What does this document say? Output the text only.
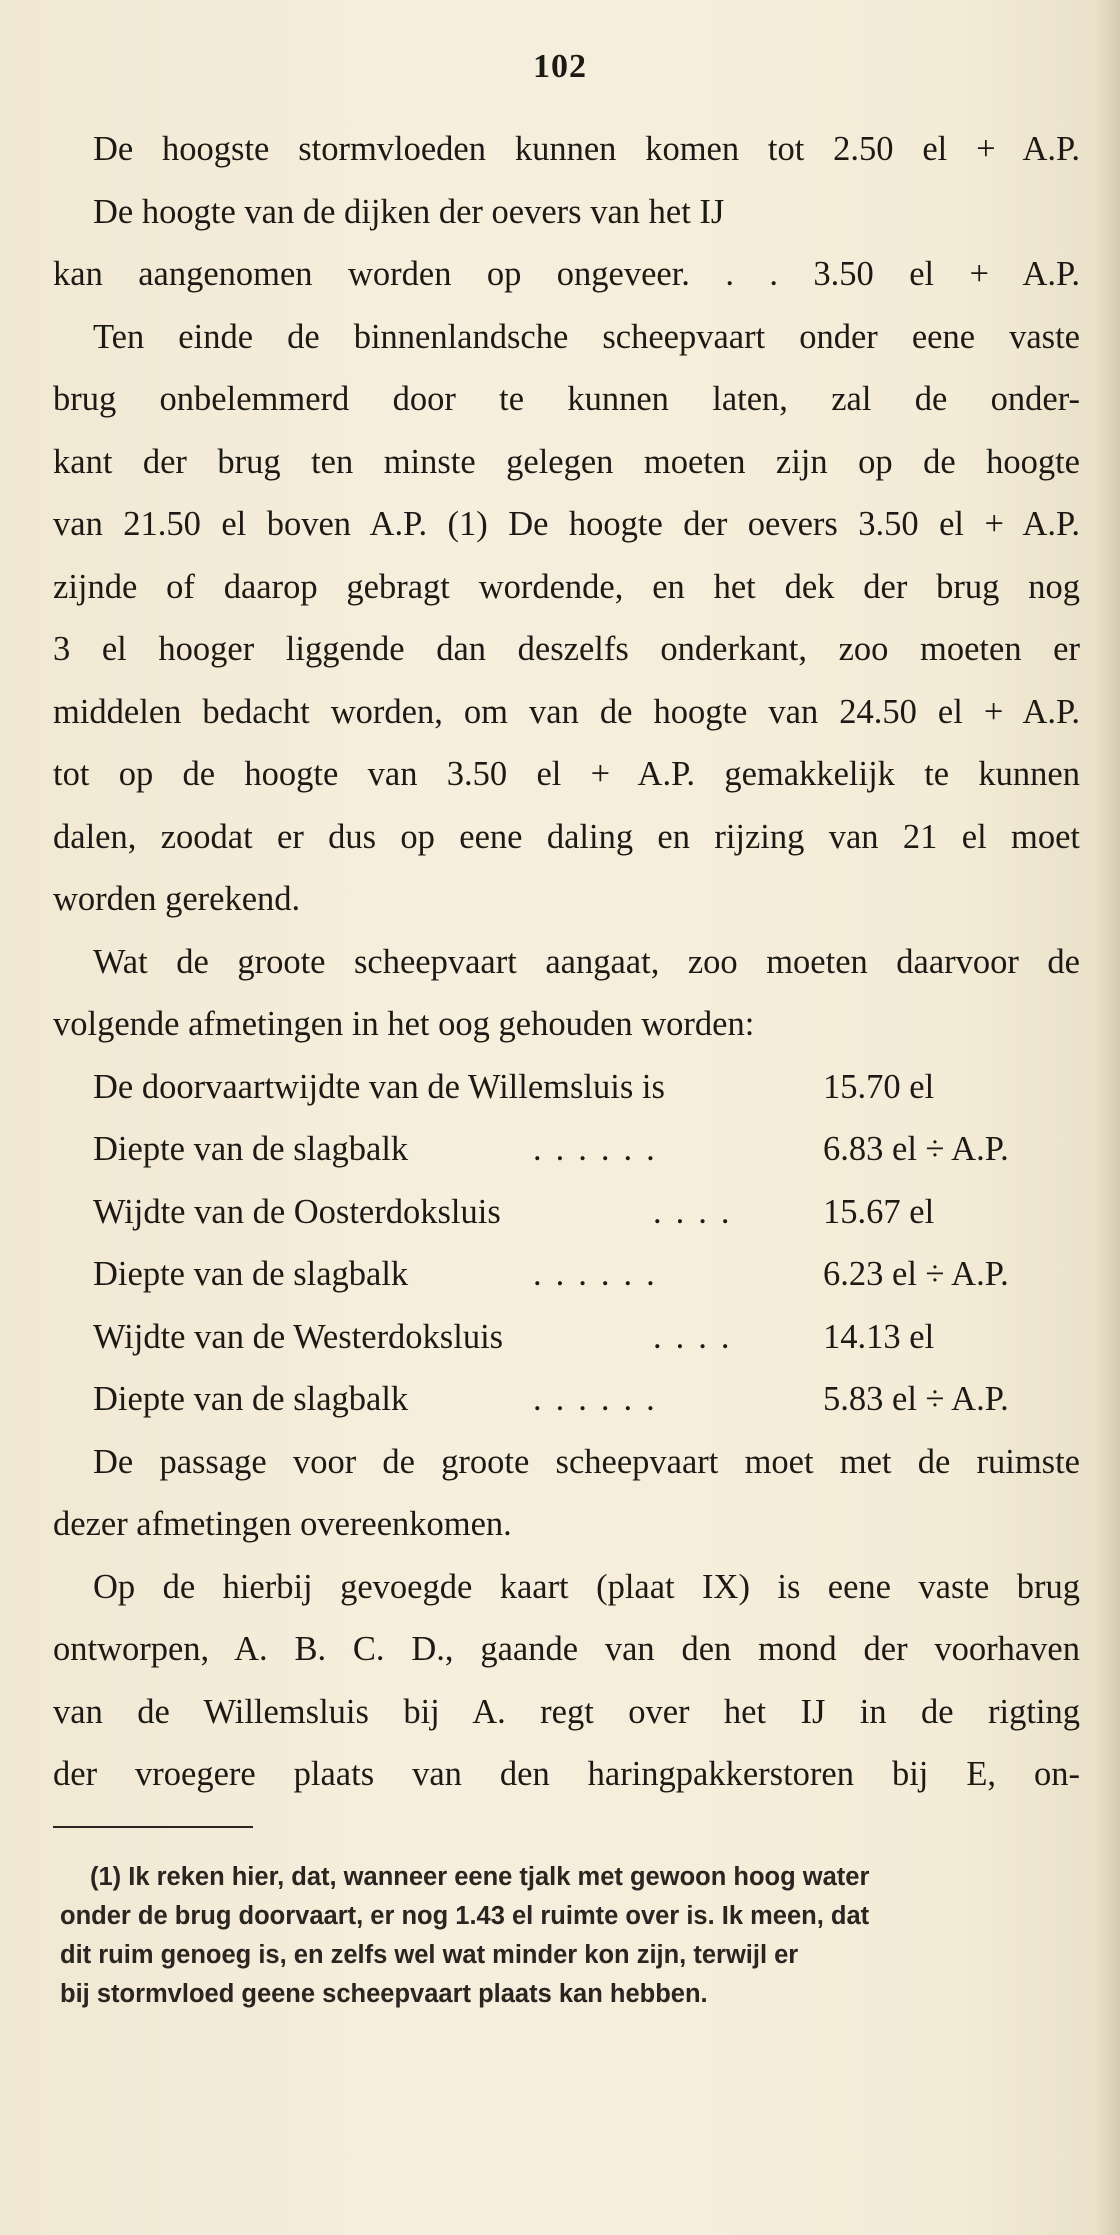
102
De hoogste stormvloeden kunnen komen tot 2.50 el + A.P.
De hoogte van de dijken der oevers van het IJ
kan aangenomen worden op ongeveer. . . 3.50 el + A.P.
Ten einde de binnenlandsche scheepvaart onder eene vaste
brug onbelemmerd door te kunnen laten, zal de onder-
kant der brug ten minste gelegen moeten zijn op de hoogte
van 21.50 el boven A.P. (1) De hoogte der oevers 3.50 el + A.P.
zijnde of daarop gebragt wordende, en het dek der brug nog
3 el hooger liggende dan deszelfs onderkant, zoo moeten er
middelen bedacht worden, om van de hoogte van 24.50 el + A.P.
tot op de hoogte van 3.50 el + A.P. gemakkelijk te kunnen
dalen, zoodat er dus op eene daling en rijzing van 21 el moet
worden gerekend.
Wat de groote scheepvaart aangaat, zoo moeten daarvoor de
volgende afmetingen in het oog gehouden worden:
De doorvaartwijdte van de Willemsluis is	15.70 el
Diepte van de slagbalk	......	6.83 el ÷ A.P.
Wijdte van de Oosterdoksluis	.... 15.67 el
Diepte van de slagbalk	......	6.23 el ÷ A.P.
Wijdte van de Westerdoksluis	.... 14.13 el
Diepte van de slagbalk	......	5.83 el ÷ A.P.
De passage voor de groote scheepvaart moet met de ruimste
dezer afmetingen overeenkomen.
Op de hierbij gevoegde kaart (plaat IX) is eene vaste brug
ontworpen, A. B. C. D., gaande van den mond der voorhaven
van de Willemsluis bij A. regt over het IJ in de rigting
der vroegere plaats van den haringpakkerstoren bij E, on-
(1) Ik reken hier, dat, wanneer eene tjalk met gewoon hoog water
onder de brug doorvaart, er nog 1.43 el ruimte over is. Ik meen, dat
dit ruim genoeg is, en zelfs wel wat minder kon zijn, terwijl er
bij stormvloed geene scheepvaart plaats kan hebben.
